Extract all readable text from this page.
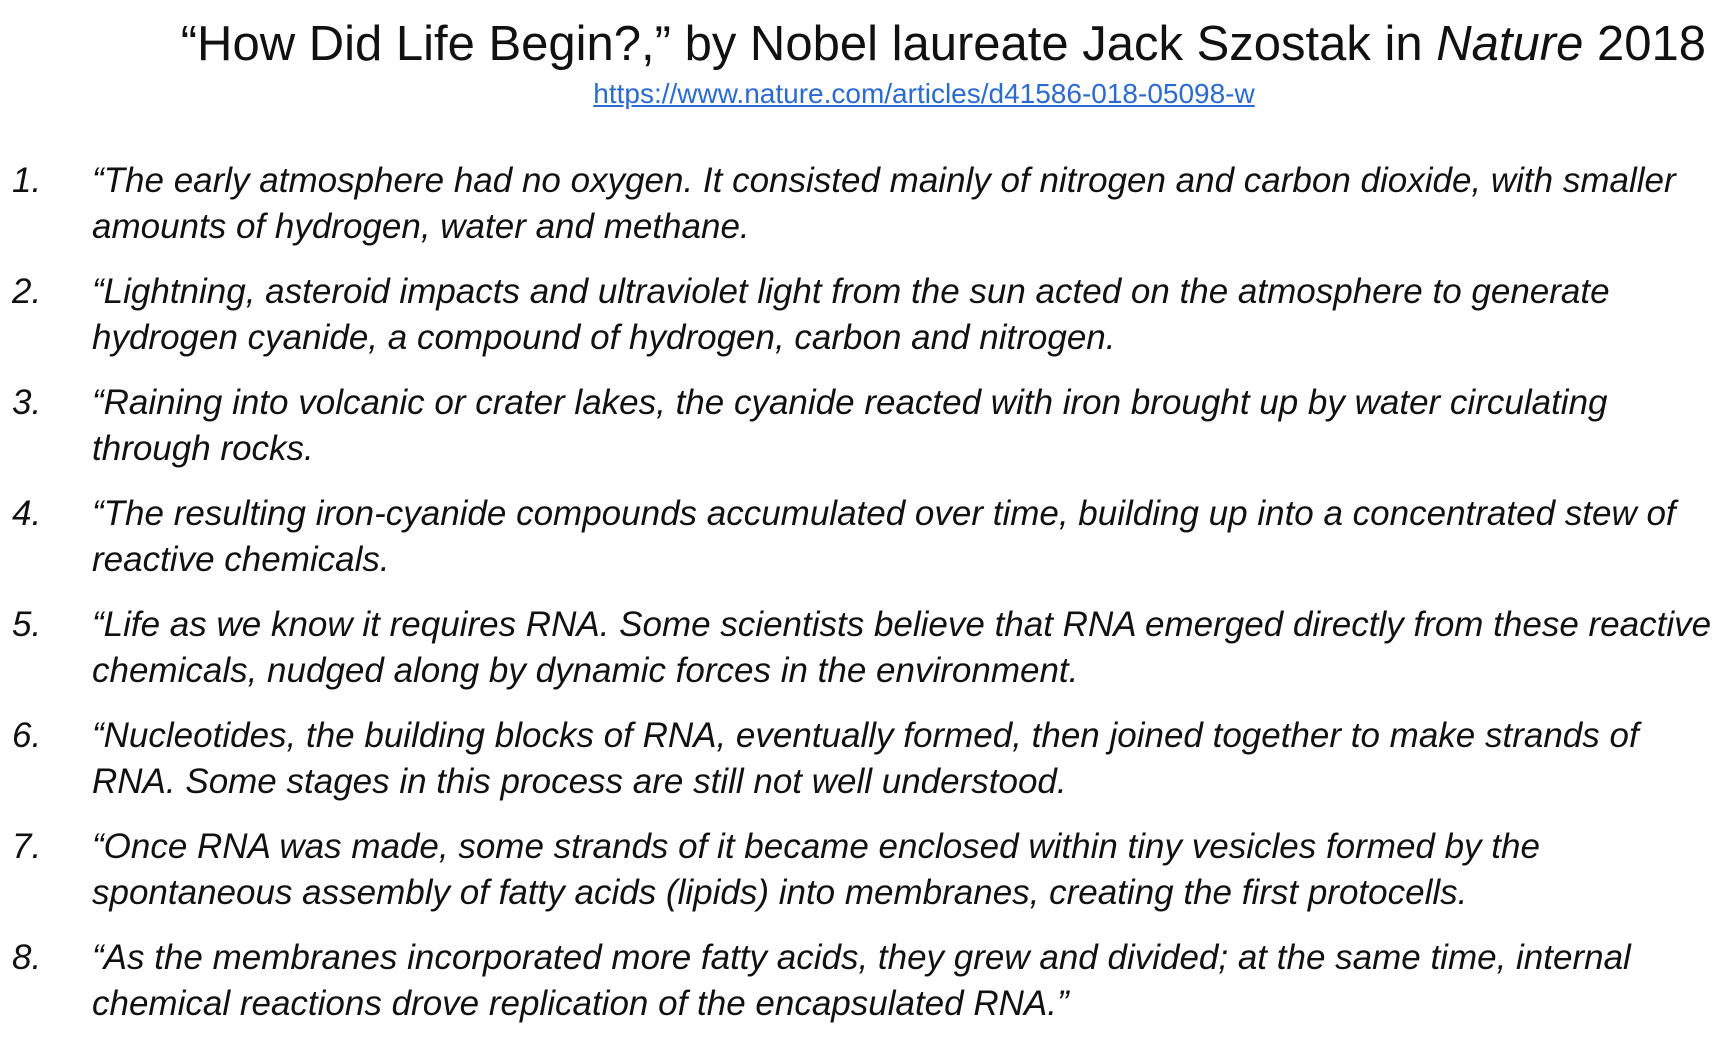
“How Did Life Begin?,” by Nobel laureate Jack Szostak in Nature 2018
https://www.nature.com/articles/d41586-018-05098-w
1.	“The early atmosphere had no oxygen. It consisted mainly of nitrogen and carbon dioxide, with smaller amounts of hydrogen, water and methane.
2.	“Lightning, asteroid impacts and ultraviolet light from the sun acted on the atmosphere to generate hydrogen cyanide, a compound of hydrogen, carbon and nitrogen.
3.	“Raining into volcanic or crater lakes, the cyanide reacted with iron brought up by water circulating through rocks.
4.	“The resulting iron-cyanide compounds accumulated over time, building up into a concentrated stew of reactive chemicals.
5.	“Life as we know it requires RNA. Some scientists believe that RNA emerged directly from these reactive chemicals, nudged along by dynamic forces in the environment.
6.	“Nucleotides, the building blocks of RNA, eventually formed, then joined together to make strands of RNA. Some stages in this process are still not well understood.
7.	“Once RNA was made, some strands of it became enclosed within tiny vesicles formed by the spontaneous assembly of fatty acids (lipids) into membranes, creating the first protocells.
8.	“As the membranes incorporated more fatty acids, they grew and divided; at the same time, internal chemical reactions drove replication of the encapsulated RNA.”
